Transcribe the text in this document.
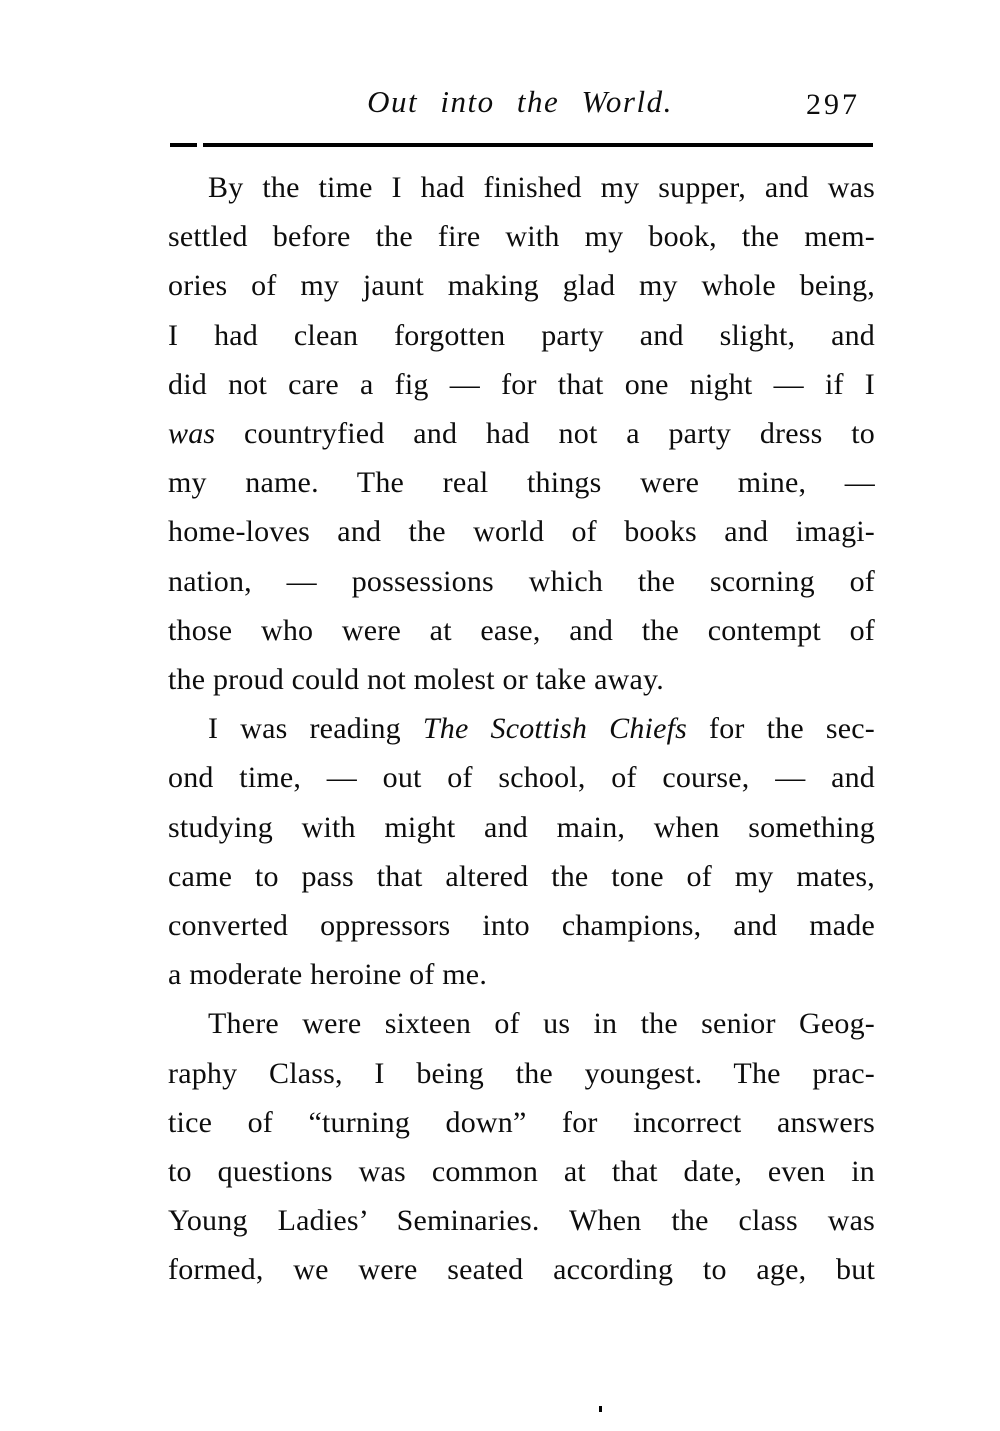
Out into the World.	297
By the time I had finished my supper, and was
settled before the fire with my book, the mem-
ories of my jaunt making glad my whole being,
I had clean forgotten party and slight, and
did not care a fig — for that one night — if I
was countryfied and had not a party dress to
my name. The real things were mine, —
home-loves and the world of books and imagi-
nation, — possessions which the scorning of
those who were at ease, and the contempt of
the proud could not molest or take away.
I was reading The Scottish Chiefs for the sec-
ond time, — out of school, of course, — and
studying with might and main, when something
came to pass that altered the tone of my mates,
converted oppressors into champions, and made
a moderate heroine of me.
There were sixteen of us in the senior Geog-
raphy Class, I being the youngest. The prac-
tice of “turning down” for incorrect answers
to questions was common at that date, even in
Young Ladies’ Seminaries. When the class was
formed, we were seated according to age, but
